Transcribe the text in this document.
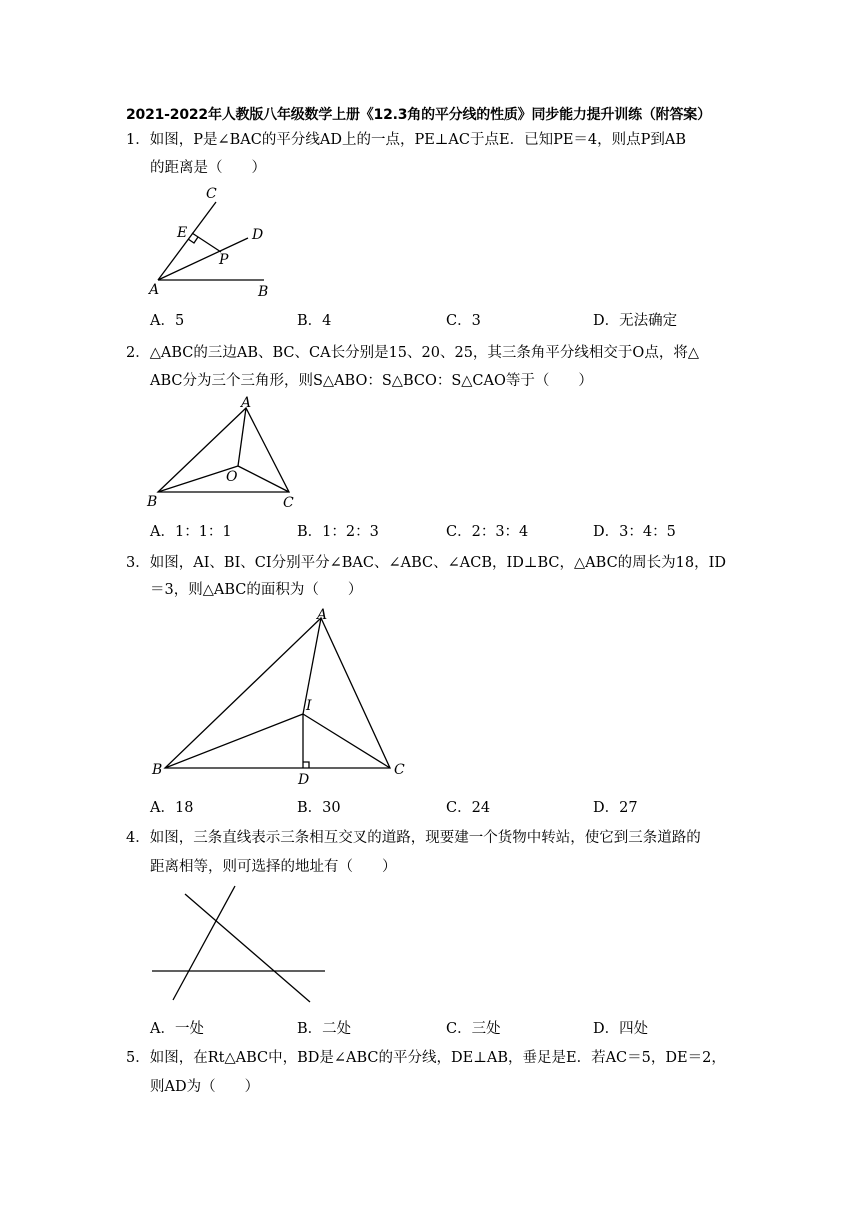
2021-2022年人教版八年级数学上册《12.3角的平分线的性质》同步能力提升训练（附答案）
1．如图，P是∠BAC的平分线AD上的一点，PE⊥AC于点E．已知PE＝4，则点P到AB
的距离是（　　）
C
E	D
P
A	B
A．5	B．4	C．3	D．无法确定
2．△ABC的三边AB、BC、CA长分别是15、20、25，其三条角平分线相交于O点，将△
ABC分为三个三角形，则S△ABO：S△BCO：S△CAO等于（　　）
A
O
B	C
A．1：1：1	B．1：2：3	C．2：3：4	D．3：4：5
3．如图，AI、BI、CI分别平分∠BAC、∠ABC、∠ACB，ID⊥BC，△ABC的周长为18，ID
＝3，则△ABC的面积为（　　）
A
I
B
D
C
A．18	B．30	C．24	D．27
4．如图，三条直线表示三条相互交叉的道路，现要建一个货物中转站，使它到三条道路的
距离相等，则可选择的地址有（　　）
A．一处	B．二处	C．三处	D．四处
5．如图，在Rt△ABC中，BD是∠ABC的平分线，DE⊥AB，垂足是E．若AC＝5，DE＝2，
则AD为（　　）
